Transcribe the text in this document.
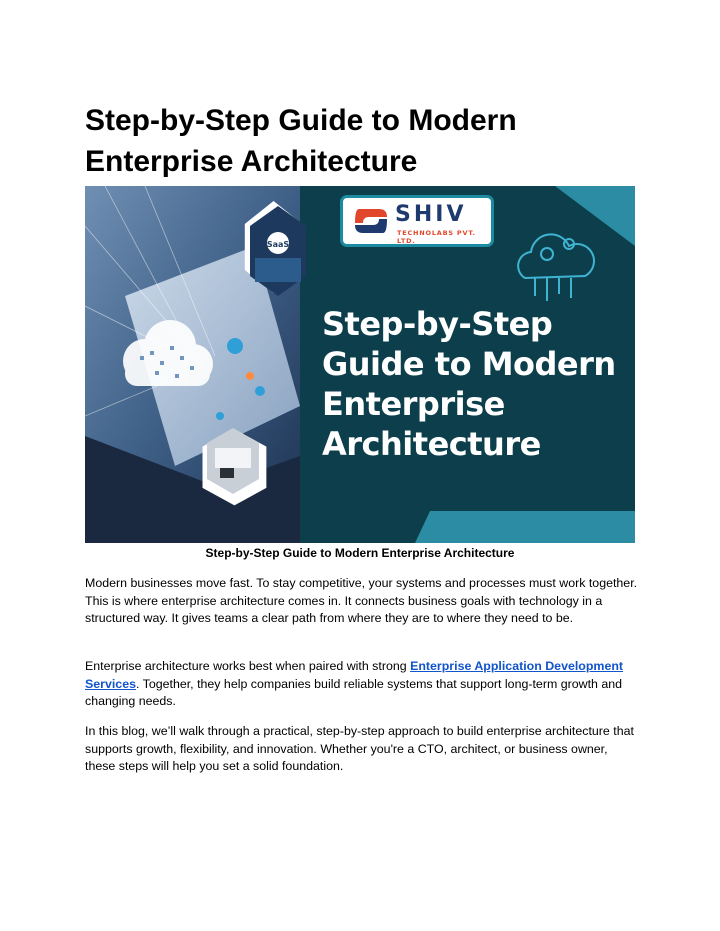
Step-by-Step Guide to Modern Enterprise Architecture
SaaS
SHIV
TECHNOLABS PVT. LTD.
Step-by-Step
Guide to Modern
Enterprise
Architecture
Step-by-Step Guide to Modern Enterprise Architecture

Modern businesses move fast. To stay competitive, your systems and processes must work together. This is where enterprise architecture comes in. It connects business goals with technology in a structured way. It gives teams a clear path from where they are to where they need to be.

Enterprise architecture works best when paired with strong Enterprise Application Development Services. Together, they help companies build reliable systems that support long-term growth and changing needs.

In this blog, we’ll walk through a practical, step-by-step approach to build enterprise architecture that supports growth, flexibility, and innovation. Whether you're a CTO, architect, or business owner, these steps will help you set a solid foundation.
